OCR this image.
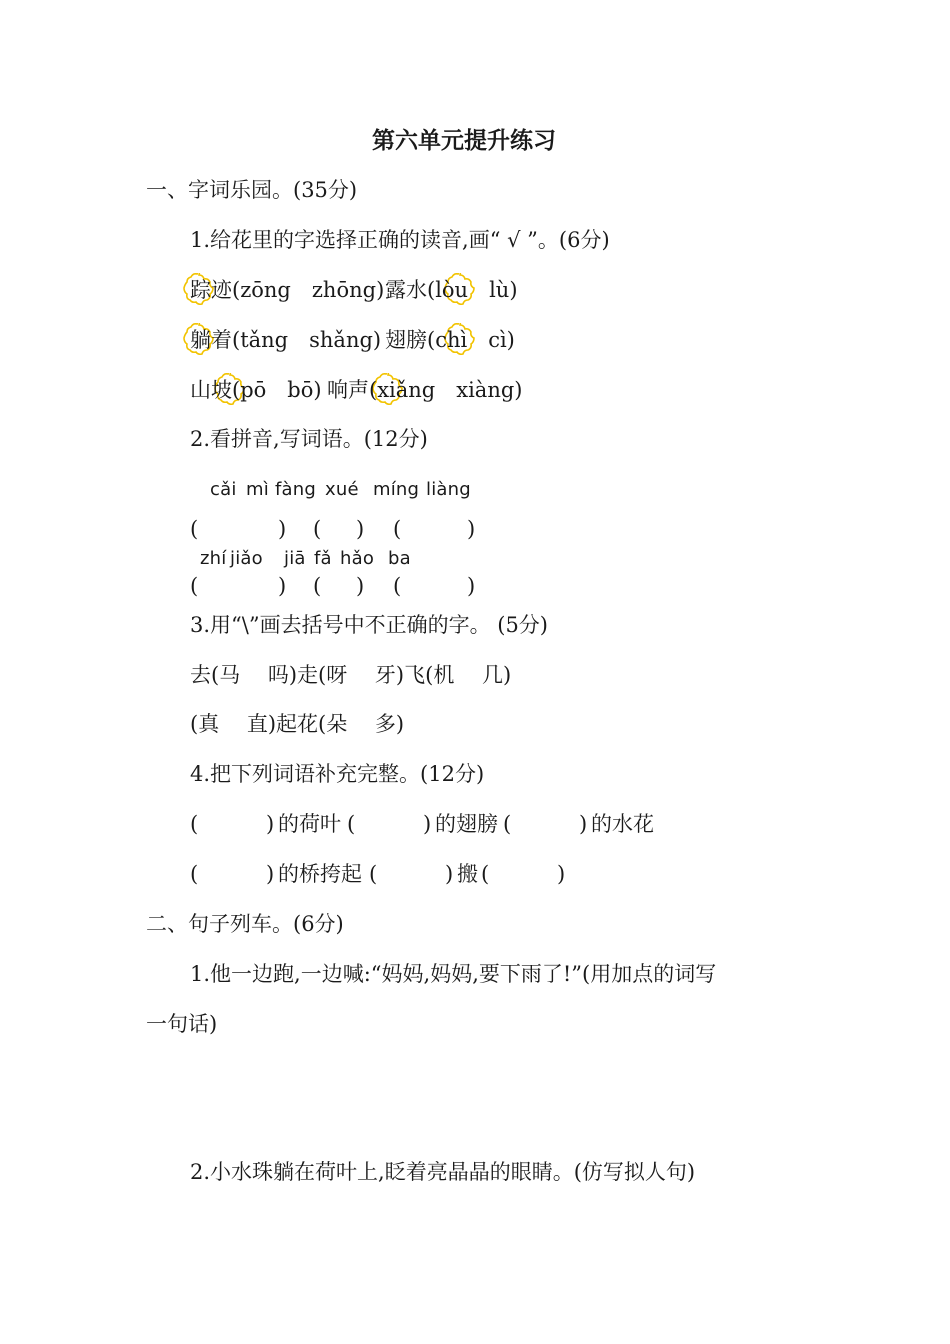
第六单元提升练习
一、字词乐园。(35分)
1.给花里的字选择正确的读音,画“ √ ”。(6分)
踪迹(zōng　zhōng) 露水(lòu　lù)
躺着(tǎng　shǎng) 翅膀(chì　cì)
山坡(pō　bō) 响声(xiǎng　xiàng)
2.看拼音,写词语。(12分)
cǎi mì fàng xué míng liàng
(	) ( ) (	)
zhí jiǎo jiā fǎ hǎo ba
(	) ( ) (	)
3.用“\”画去括号中不正确的字。 (5分)
去(马　 吗)走(呀　 牙)飞(机　 几)
(真　 直)起花(朵　 多)
4.把下列词语补充完整。(12分)
(	) 的荷叶 (	) 的翅膀 (	) 的水花
(	) 的桥挎起 (	) 搬 (	)
二、句子列车。(6分)
1.他一边跑,一边喊:“妈妈,妈妈,要下雨了!”(用加点的词写
一句话)
2.小水珠躺在荷叶上,眨着亮晶晶的眼睛。(仿写拟人句)
